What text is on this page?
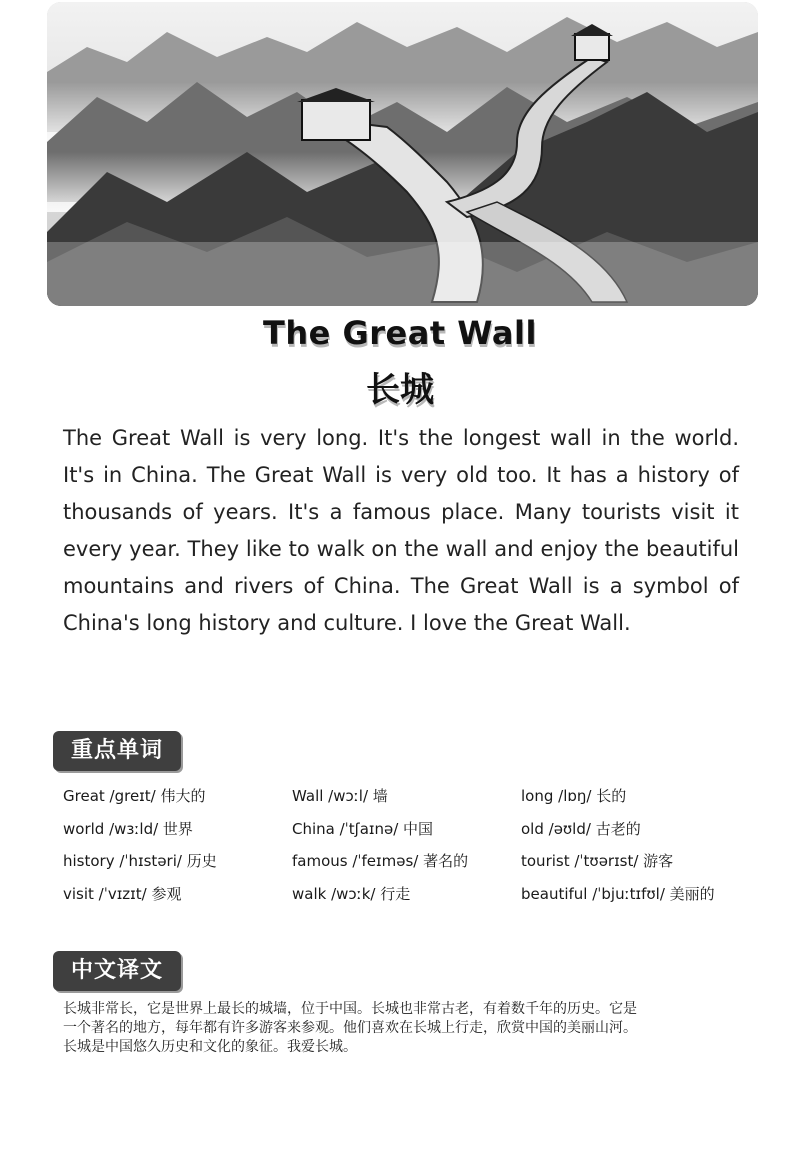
The Great Wall
长城

The Great Wall is very long. It's the longest wall in the world. It's in China. The Great Wall is very old too. It has a history of thousands of years. It's a famous place. Many tourists visit it every year. They like to walk on the wall and enjoy the beautiful mountains and rivers of China. The Great Wall is a symbol of China's long history and culture. I love the Great Wall.

重点单词
Great /greɪt/ 伟大的	Wall /wɔːl/ 墙	long /lɒŋ/ 长的
world /wɜːld/ 世界	China /ˈtʃaɪnə/ 中国	old /əʊld/ 古老的
history /ˈhɪstəri/ 历史	famous /ˈfeɪməs/ 著名的	tourist /ˈtʊərɪst/ 游客
visit /ˈvɪzɪt/ 参观	walk /wɔːk/ 行走	beautiful /ˈbjuːtɪfʊl/ 美丽的
中文译文

长城非常长，它是世界上最长的城墙，位于中国。长城也非常古老，有着数千年的历史。它是一个著名的地方，每年都有许多游客来参观。他们喜欢在长城上行走，欣赏中国的美丽山河。长城是中国悠久历史和文化的象征。我爱长城。
